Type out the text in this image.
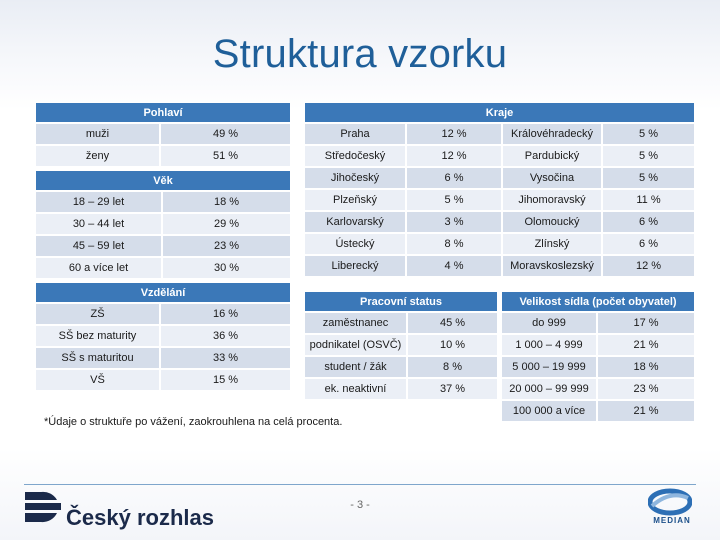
Struktura vzorku
Pohlaví	
muži	49 %
ženy	51 %
Věk	
18 – 29 let	18 %
30 – 44 let	29 %
45 – 59 let	23 %
60 a více let	30 %
Vzdělání	
ZŠ	16 %
SŠ bez maturity	36 %
SŠ s maturitou	33 %
VŠ	15 %
Kraje			
Praha	12 %	Královéhradecký	5 %
Středočeský	12 %	Pardubický	5 %
Jihočeský	6 %	Vysočina	5 %
Plzeňský	5 %	Jihomoravský	11 %
Karlovarský	3 %	Olomoucký	6 %
Ústecký	8 %	Zlínský	6 %
Liberecký	4 %	Moravskoslezský	12 %
Pracovní status	
zaměstnanec	45 %
podnikatel (OSVČ)	10 %
student / žák	8 %
ek. neaktivní	37 %
Velikost sídla (počet obyvatel)	
do 999	17 %
1 000 – 4 999	21 %
5 000 – 19 999	18 %
20 000 – 99 999	23 %
100 000 a více	21 %
*Údaje o struktuře po vážení, zaokrouhlena na celá procenta.
- 3 -
Český rozhlas	MEDIAN
